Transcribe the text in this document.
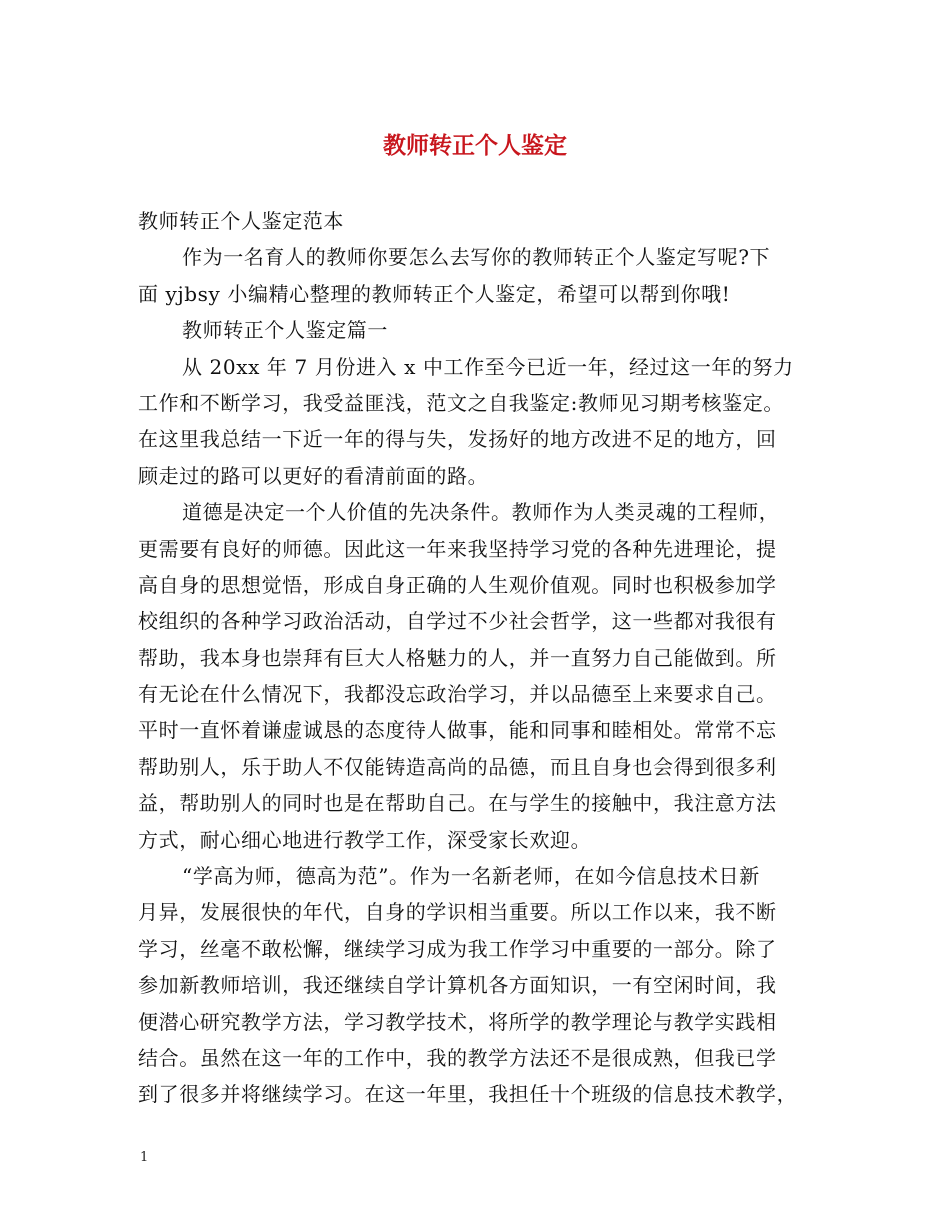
教师转正个人鉴定
教师转正个人鉴定范本
作为一名育人的教师你要怎么去写你的教师转正个人鉴定写呢?下
面 yjbsy 小编精心整理的教师转正个人鉴定，希望可以帮到你哦!
教师转正个人鉴定篇一
从 20xx 年 7 月份进入 x 中工作至今已近一年，经过这一年的努力
工作和不断学习，我受益匪浅，范文之自我鉴定:教师见习期考核鉴定。
在这里我总结一下近一年的得与失，发扬好的地方改进不足的地方，回
顾走过的路可以更好的看清前面的路。
道德是决定一个人价值的先决条件。教师作为人类灵魂的工程师，
更需要有良好的师德。因此这一年来我坚持学习党的各种先进理论，提
高自身的思想觉悟，形成自身正确的人生观价值观。同时也积极参加学
校组织的各种学习政治活动，自学过不少社会哲学，这一些都对我很有
帮助，我本身也崇拜有巨大人格魅力的人，并一直努力自己能做到。所
有无论在什么情况下，我都没忘政治学习，并以品德至上来要求自己。
平时一直怀着谦虚诚恳的态度待人做事，能和同事和睦相处。常常不忘
帮助别人，乐于助人不仅能铸造高尚的品德，而且自身也会得到很多利
益，帮助别人的同时也是在帮助自己。在与学生的接触中，我注意方法
方式，耐心细心地进行教学工作，深受家长欢迎。
“学高为师，德高为范”。作为一名新老师，在如今信息技术日新
月异，发展很快的年代，自身的学识相当重要。所以工作以来，我不断
学习，丝毫不敢松懈，继续学习成为我工作学习中重要的一部分。除了
参加新教师培训，我还继续自学计算机各方面知识，一有空闲时间，我
便潜心研究教学方法，学习教学技术，将所学的教学理论与教学实践相
结合。虽然在这一年的工作中，我的教学方法还不是很成熟，但我已学
到了很多并将继续学习。在这一年里，我担任十个班级的信息技术教学，
1
